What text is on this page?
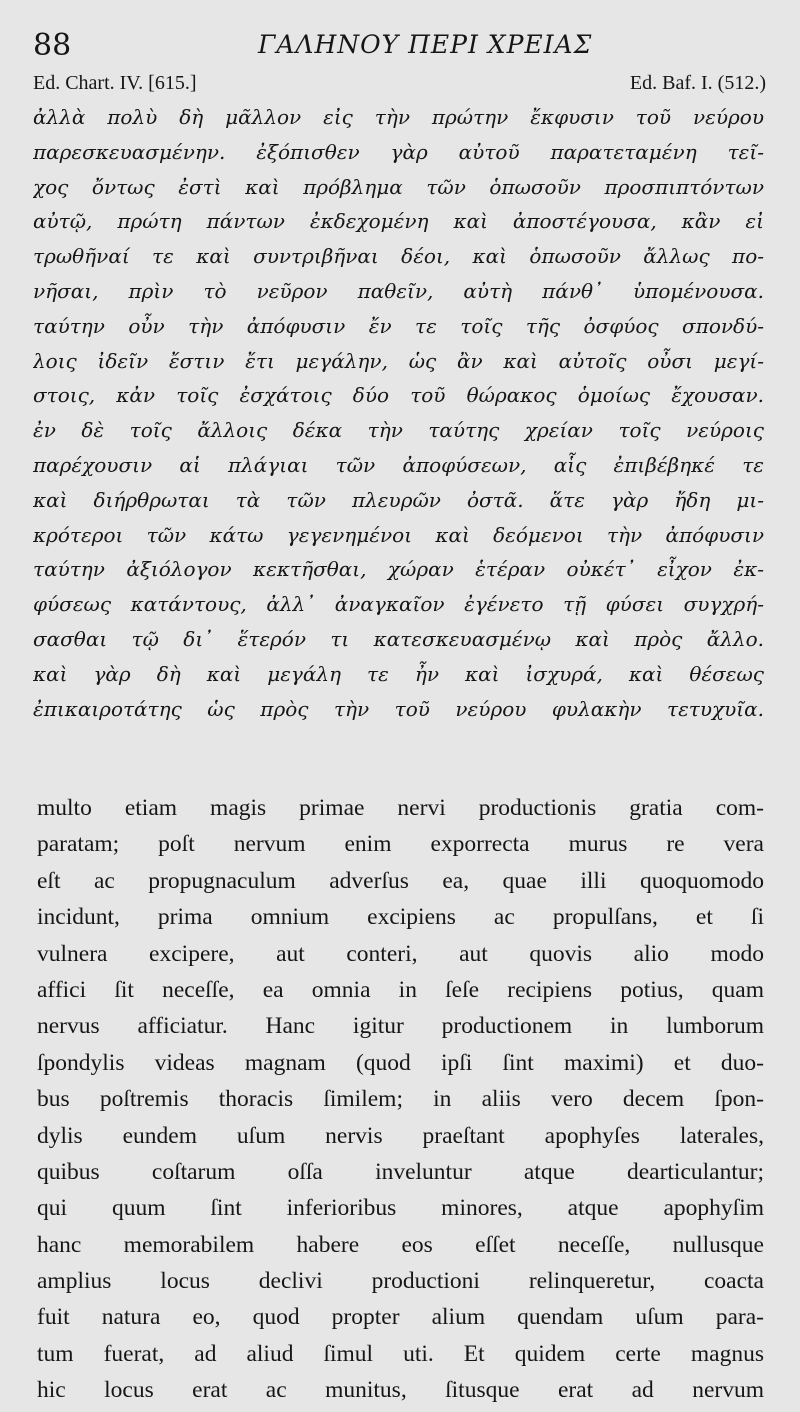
88	ΓΑΛΗΝΟΥ ΠΕΡΙ ΧΡΕΙΑΣ
Ed. Chart. IV. [615.]	Ed. Baf. I. (512.)
ἀλλὰ πολὺ δὴ μᾶλλον εἰς τὴν πρώτην ἔκφυσιν τοῦ νεύρου
παρεσκευασμένην. ἐξόπισθεν γὰρ αὐτοῦ παρατεταμένη τεῖ-
χος ὄντως ἐστὶ καὶ πρόβλημα τῶν ὁπωσοῦν προσπιπτόντων
αὐτῷ, πρώτη πάντων ἐκδεχομένη καὶ ἀποστέγουσα, κἂν εἰ
τρωθῆναί τε καὶ συντριβῆναι δέοι, καὶ ὁπωσοῦν ἄλλως πο-
νῆσαι, πρὶν τὸ νεῦρον παθεῖν, αὐτὴ πάνθ᾽ ὑπομένουσα.
ταύτην οὖν τὴν ἀπόφυσιν ἔν τε τοῖς τῆς ὀσφύος σπονδύ-
λοις ἰδεῖν ἔστιν ἔτι μεγάλην, ὡς ἂν καὶ αὐτοῖς οὖσι μεγί-
στοις, κἀν τοῖς ἐσχάτοις δύο τοῦ θώρακος ὁμοίως ἔχουσαν.
ἐν δὲ τοῖς ἄλλοις δέκα τὴν ταύτης χρείαν τοῖς νεύροις
παρέχουσιν αἱ πλάγιαι τῶν ἀποφύσεων, αἷς ἐπιβέβηκέ τε
καὶ διήρθρωται τὰ τῶν πλευρῶν ὀστᾶ. ἅτε γὰρ ἤδη μι-
κρότεροι τῶν κάτω γεγενημένοι καὶ δεόμενοι τὴν ἀπόφυσιν
ταύτην ἀξιόλογον κεκτῆσθαι, χώραν ἑτέραν οὐκέτ᾽ εἶχον ἐκ-
φύσεως κατάντους, ἀλλ᾽ ἀναγκαῖον ἐγένετο τῇ φύσει συγχρή-
σασθαι τῷ δι᾽ ἕτερόν τι κατεσκευασμένῳ καὶ πρὸς ἄλλο.
καὶ γὰρ δὴ καὶ μεγάλη τε ἦν καὶ ἰσχυρά, καὶ θέσεως
ἐπικαιροτάτης ὡς πρὸς τὴν τοῦ νεύρου φυλακὴν τετυχυῖα.
multo etiam magis primae nervi productionis gratia com-
paratam; poſt nervum enim exporrecta murus re vera
eſt ac propugnaculum adverſus ea, quae illi quoquomodo
incidunt, prima omnium excipiens ac propulſans, et ſi
vulnera excipere, aut conteri, aut quovis alio modo
affici ſit neceſſe, ea omnia in ſeſe recipiens potius, quam
nervus afficiatur. Hanc igitur productionem in lumborum
ſpondylis videas magnam (quod ipſi ſint maximi) et duo-
bus poſtremis thoracis ſimilem; in aliis vero decem ſpon-
dylis eundem uſum nervis praeſtant apophyſes laterales,
quibus coſtarum oſſa inveluntur atque dearticulantur;
qui quum ſint inferioribus minores, atque apophyſim
hanc memorabilem habere eos eſſet neceſſe, nullusque
amplius locus declivi productioni relinqueretur, coacta
fuit natura eo, quod propter alium quendam uſum para-
tum fuerat, ad aliud ſimul uti. Et quidem certe magnus
hic locus erat ac munitus, ſitusque erat ad nervum
